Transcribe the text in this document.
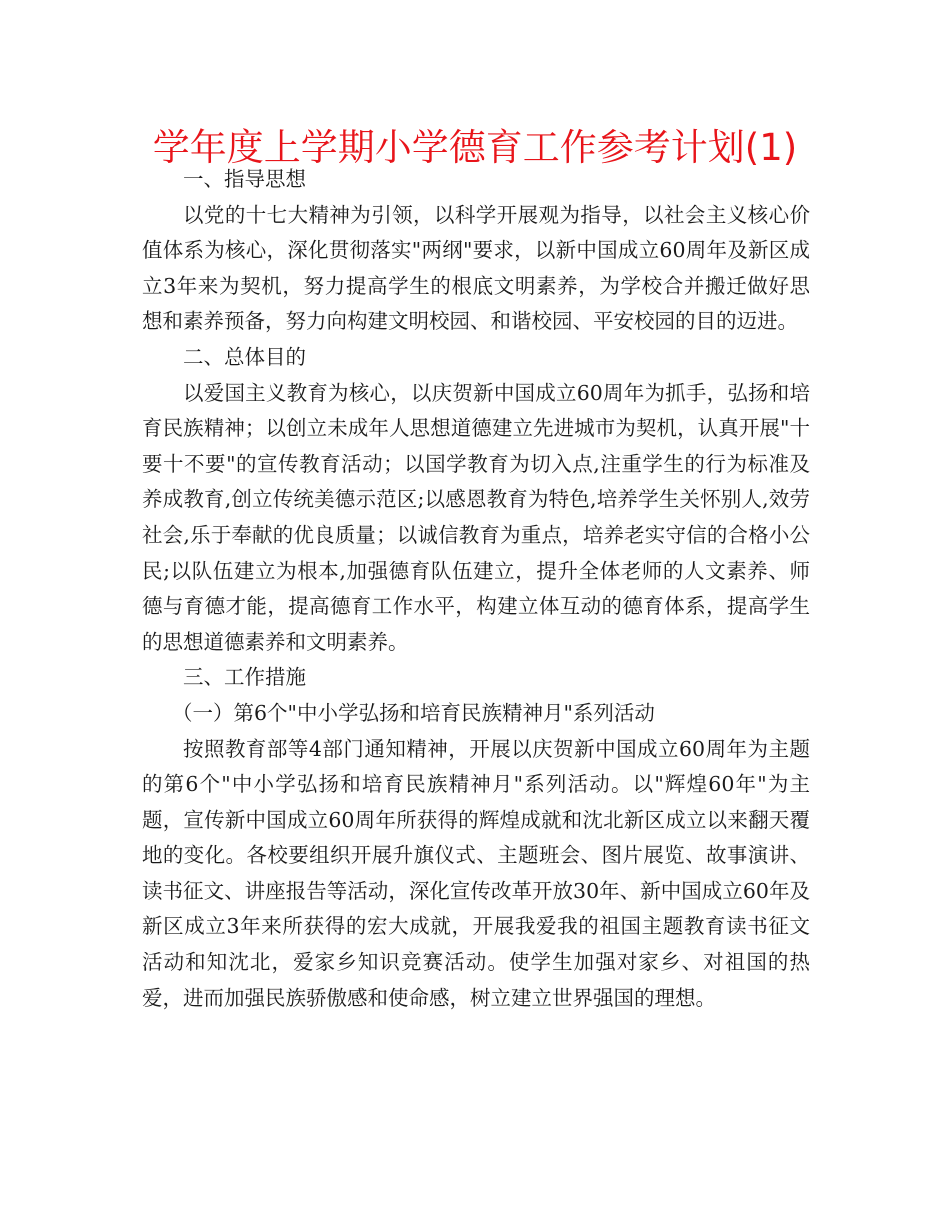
学年度上学期小学德育工作参考计划(1)

一、指导思想

以党的十七大精神为引领，以科学开展观为指导，以社会主义核心价值体系为核心，深化贯彻落实"两纲"要求，以新中国成立60周年及新区成立3年来为契机，努力提高学生的根底文明素养，为学校合并搬迁做好思想和素养预备，努力向构建文明校园、和谐校园、平安校园的目的迈进。

二、总体目的

以爱国主义教育为核心，以庆贺新中国成立60周年为抓手，弘扬和培育民族精神；以创立未成年人思想道德建立先进城市为契机，认真开展"十要十不要"的宣传教育活动；以国学教育为切入点,注重学生的行为标准及养成教育,创立传统美德示范区;以感恩教育为特色,培养学生关怀别人,效劳社会,乐于奉献的优良质量；以诚信教育为重点，培养老实守信的合格小公民;以队伍建立为根本,加强德育队伍建立，提升全体老师的人文素养、师德与育德才能，提高德育工作水平，构建立体互动的德育体系，提高学生的思想道德素养和文明素养。

三、工作措施

（一）第6个"中小学弘扬和培育民族精神月"系列活动

按照教育部等4部门通知精神，开展以庆贺新中国成立60周年为主题的第6个"中小学弘扬和培育民族精神月"系列活动。以"辉煌60年"为主题，宣传新中国成立60周年所获得的辉煌成就和沈北新区成立以来翻天覆地的变化。各校要组织开展升旗仪式、主题班会、图片展览、故事演讲、读书征文、讲座报告等活动，深化宣传改革开放30年、新中国成立60年及新区成立3年来所获得的宏大成就，开展我爱我的祖国主题教育读书征文活动和知沈北，爱家乡知识竞赛活动。使学生加强对家乡、对祖国的热爱，进而加强民族骄傲感和使命感，树立建立世界强国的理想。
